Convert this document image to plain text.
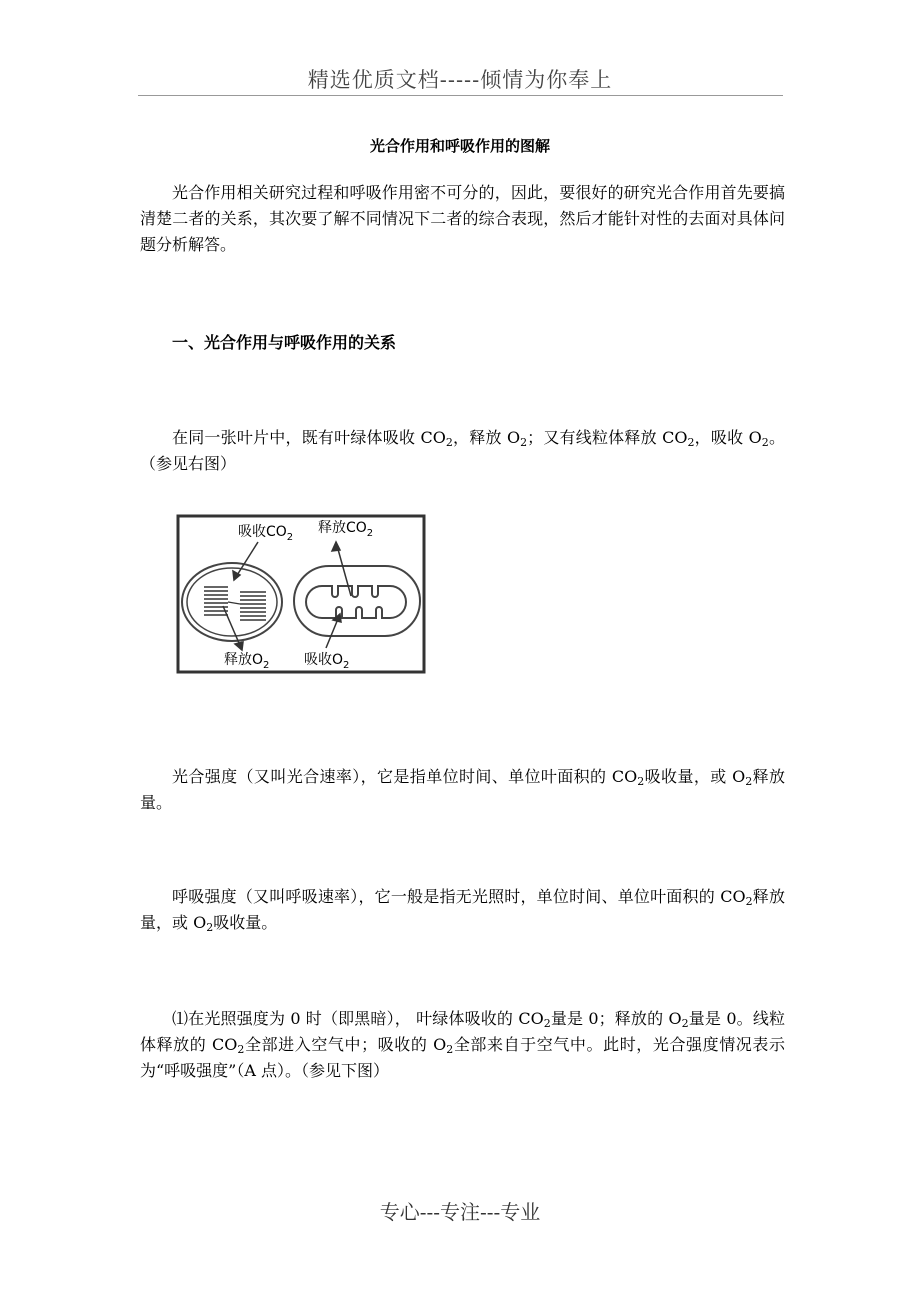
精选优质文档-----倾情为你奉上
光合作用和呼吸作用的图解
光合作用相关研究过程和呼吸作用密不可分的，因此，要很好的研究光合作用首先要搞清楚二者的关系，其次要了解不同情况下二者的综合表现，然后才能针对性的去面对具体问题分析解答。
一、光合作用与呼吸作用的关系
在同一张叶片中，既有叶绿体吸收 $CO_2$，释放 $O_2$；又有线粒体释放 $CO_2$，吸收 $O_2$。（参见右图）
吸收$CO_2$
释放$CO_2$
释放$O_2$ 吸收$O_2$
光合强度（又叫光合速率），它是指单位时间、单位叶面积的 $CO_2$吸收量，或 $O_2$释放量。
呼吸强度（又叫呼吸速率），它一般是指无光照时，单位时间、单位叶面积的 $CO_2$释放量，或 $O_2$吸收量。
⑴在光照强度为 0 时（即黑暗）， 叶绿体吸收的 $CO_2$量是 0；释放的 $O_2$量是 0。线粒体释放的 $CO_2$全部进入空气中；吸收的 $O_2$全部来自于空气中。此时，光合强度情况表示为“呼吸强度”（A 点）。（参见下图）
专心---专注---专业
